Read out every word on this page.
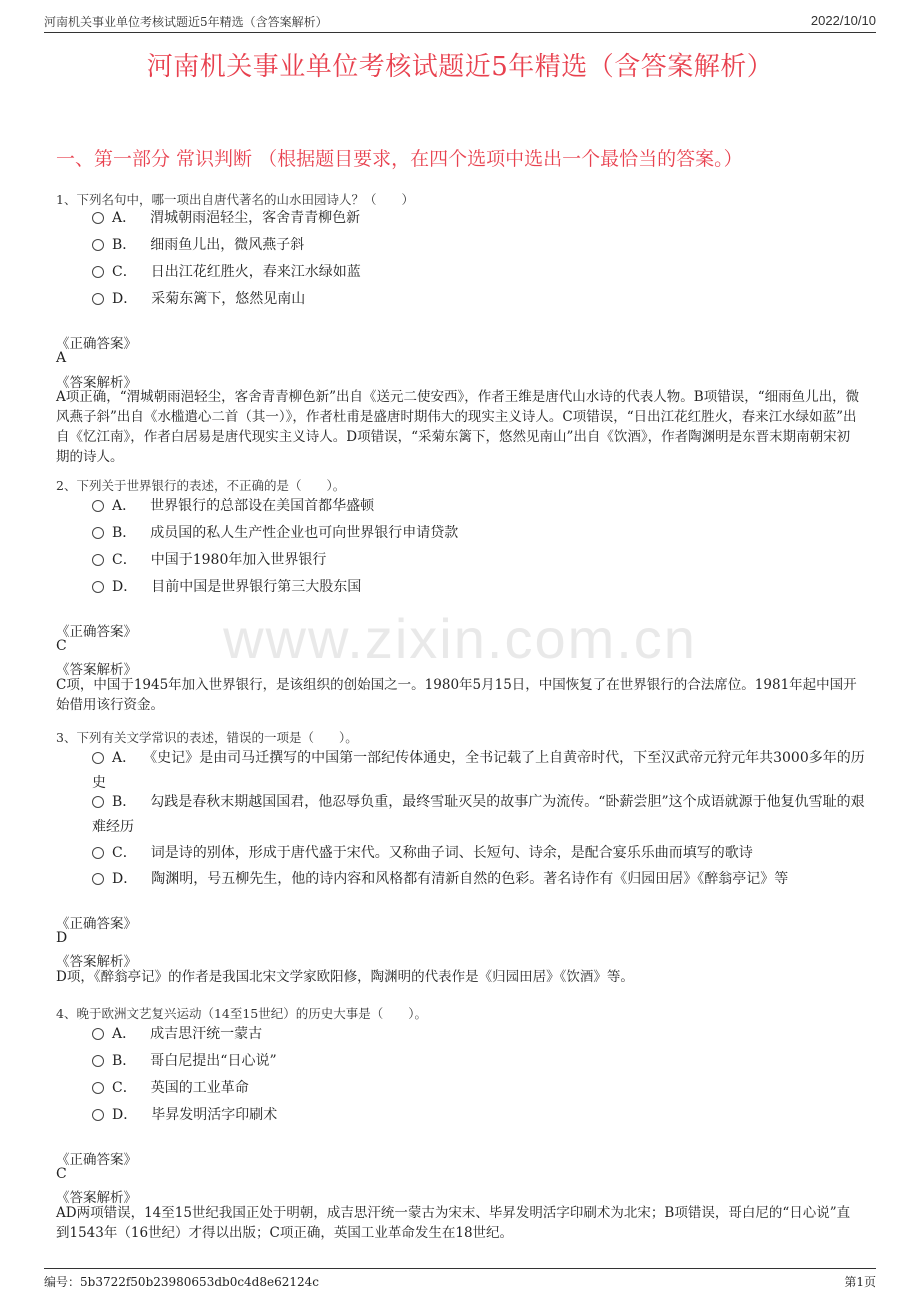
河南机关事业单位考核试题近5年精选（含答案解析）	2022/10/10
河南机关事业单位考核试题近5年精选（含答案解析）
一、第一部分 常识判断 （根据题目要求，在四个选项中选出一个最恰当的答案。）
www.zixin.com.cn
1、下列名句中，哪一项出自唐代著名的山水田园诗人？（　　）
A． 渭城朝雨浥轻尘，客舍青青柳色新
B． 细雨鱼儿出，微风燕子斜
C． 日出江花红胜火，春来江水绿如蓝
D． 采菊东篱下，悠然见南山
《正确答案》
A
《答案解析》
A项正确，“渭城朝雨浥轻尘，客舍青青柳色新”出自《送元二使安西》，作者王维是唐代山水诗的代表人物。B项错误，“细雨鱼儿出，微风燕子斜”出自《水槛遣心二首（其一）》，作者杜甫是盛唐时期伟大的现实主义诗人。C项错误，“日出江花红胜火，春来江水绿如蓝”出自《忆江南》，作者白居易是唐代现实主义诗人。D项错误，“采菊东篱下，悠然见南山”出自《饮酒》，作者陶渊明是东晋末期南朝宋初期的诗人。
2、下列关于世界银行的表述，不正确的是（　　）。
A． 世界银行的总部设在美国首都华盛顿
B． 成员国的私人生产性企业也可向世界银行申请贷款
C． 中国于1980年加入世界银行
D． 目前中国是世界银行第三大股东国
《正确答案》
C
《答案解析》
C项，中国于1945年加入世界银行，是该组织的创始国之一。1980年5月15日，中国恢复了在世界银行的合法席位。1981年起中国开始借用该行资金。
3、下列有关文学常识的表述，错误的一项是（　　）。
A． 《史记》是由司马迁撰写的中国第一部纪传体通史，全书记载了上自黄帝时代，下至汉武帝元狩元年共3000多年的历史
B． 勾践是春秋末期越国国君，他忍辱负重，最终雪耻灭吴的故事广为流传。“卧薪尝胆”这个成语就源于他复仇雪耻的艰难经历
C． 词是诗的别体，形成于唐代盛于宋代。又称曲子词、长短句、诗余，是配合宴乐乐曲而填写的歌诗
D． 陶渊明，号五柳先生，他的诗内容和风格都有清新自然的色彩。著名诗作有《归园田居》《醉翁亭记》等
《正确答案》
D
《答案解析》
D项，《醉翁亭记》的作者是我国北宋文学家欧阳修，陶渊明的代表作是《归园田居》《饮酒》等。
4、晚于欧洲文艺复兴运动（14至15世纪）的历史大事是（　　）。
A． 成吉思汗统一蒙古
B． 哥白尼提出“日心说”
C． 英国的工业革命
D． 毕昇发明活字印刷术
《正确答案》
C
《答案解析》
AD两项错误，14至15世纪我国正处于明朝，成吉思汗统一蒙古为宋末、毕昇发明活字印刷术为北宋；B项错误，哥白尼的“日心说”直到1543年（16世纪）才得以出版；C项正确，英国工业革命发生在18世纪。
编号：5b3722f50b23980653db0c4d8e62124c	第1页
